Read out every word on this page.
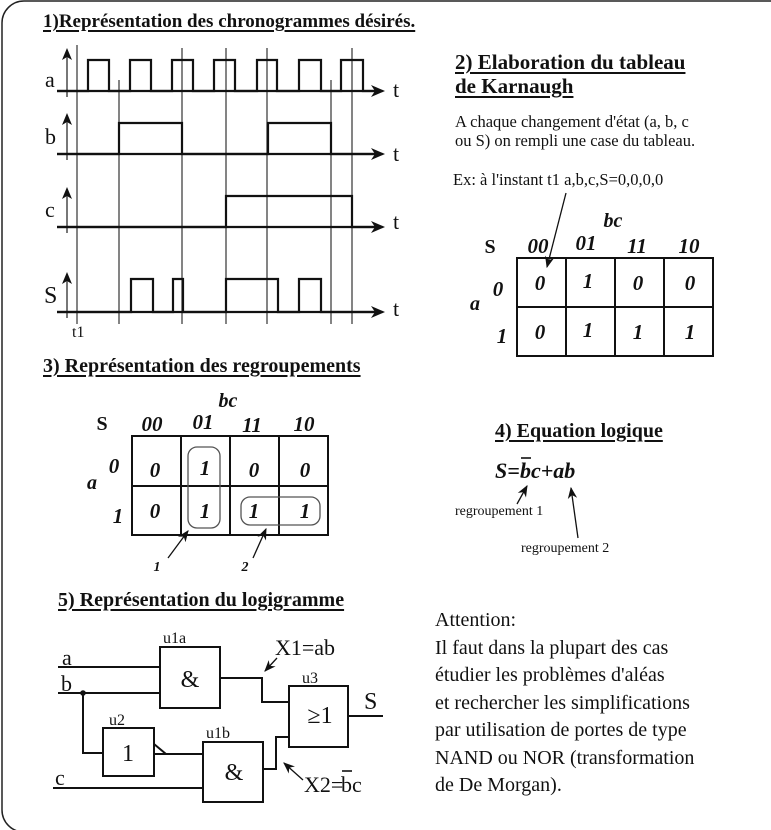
a
b
c
S
t
t
t
t
t1
S
bc
a
00 01 11 10
0
1
0 1 0 0
0 1 1 1
S
bc
a
00 01 11 10
0
1
0 1 0 0
0 1 1 1
1	2
S= b c+ab
regroupement 1
regroupement 2
a
b
c
S
u1a
u2
u1b
u3
&
1
&
≥1
X1=ab
X2=
b c
1)Représentation des chronogrammes désirés.
2) Elaboration du tableau
de Karnaugh
A chaque changement d'état (a, b, c
ou S) on rempli une case du tableau.
Ex: à l'instant t1 a,b,c,S=0,0,0,0
3) Représentation des regroupements
4) Equation logique
5) Représentation du logigramme
Attention:
Il faut dans la plupart des cas
étudier les problèmes d'aléas
et rechercher les simplifications
par utilisation de portes de type
NAND ou NOR (transformation
de De Morgan).
